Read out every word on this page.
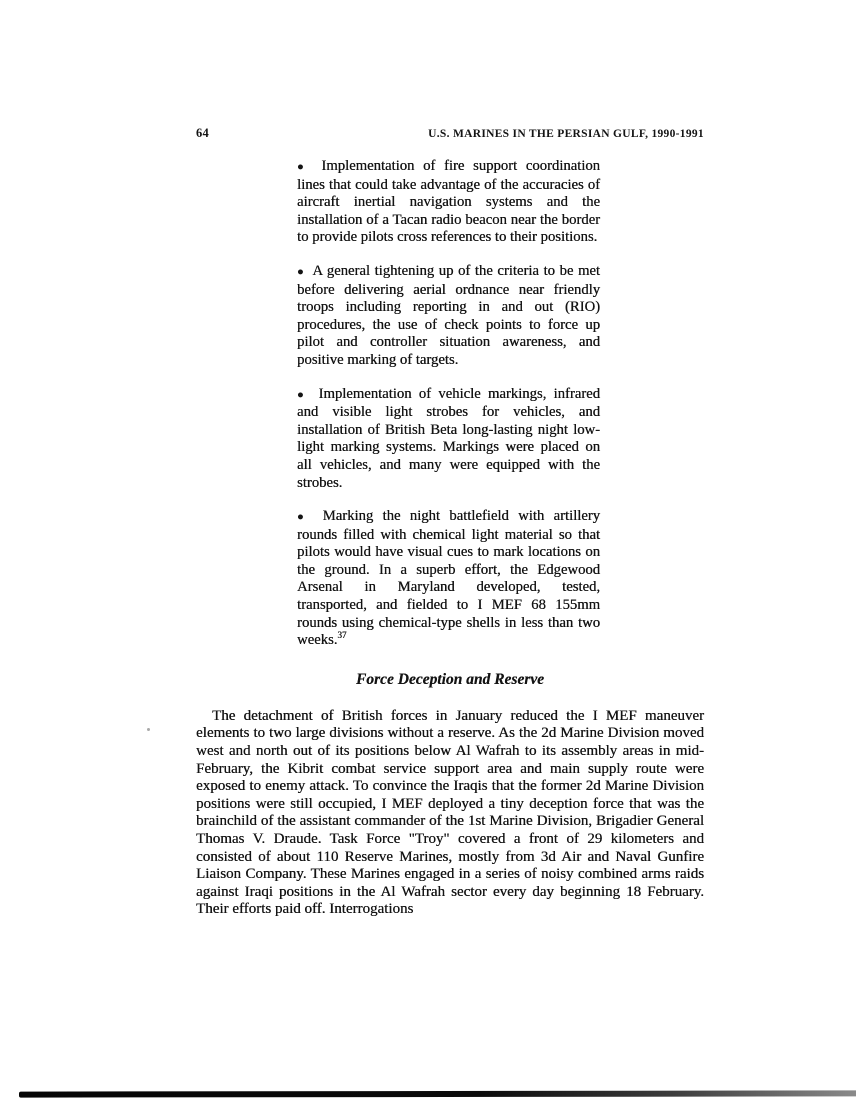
64	U.S. MARINES IN THE PERSIAN GULF, 1990-1991

● Implementation of fire support coordination lines that could take advantage of the accuracies of aircraft inertial navigation systems and the installation of a Tacan radio beacon near the border to provide pilots cross references to their positions.

● A general tightening up of the criteria to be met before delivering aerial ordnance near friendly troops including reporting in and out (RIO) procedures, the use of check points to force up pilot and controller situation awareness, and positive marking of targets.

● Implementation of vehicle markings, infrared and visible light strobes for vehicles, and installation of British Beta long-lasting night low-light marking systems. Markings were placed on all vehicles, and many were equipped with the strobes.

● Marking the night battlefield with artillery rounds filled with chemical light material so that pilots would have visual cues to mark locations on the ground. In a superb effort, the Edgewood Arsenal in Maryland developed, tested, transported, and fielded to I MEF 68 155mm rounds using chemical-type shells in less than two weeks.$^{37}$

Force Deception and Reserve

The detachment of British forces in January reduced the I MEF maneuver elements to two large divisions without a reserve. As the 2d Marine Division moved west and north out of its positions below Al Wafrah to its assembly areas in mid-February, the Kibrit combat service support area and main supply route were exposed to enemy attack. To convince the Iraqis that the former 2d Marine Division positions were still occupied, I MEF deployed a tiny deception force that was the brainchild of the assistant commander of the 1st Marine Division, Brigadier General Thomas V. Draude. Task Force "Troy" covered a front of 29 kilometers and consisted of about 110 Reserve Marines, mostly from 3d Air and Naval Gunfire Liaison Company. These Marines engaged in a series of noisy combined arms raids against Iraqi positions in the Al Wafrah sector every day beginning 18 February. Their efforts paid off. Interrogations
